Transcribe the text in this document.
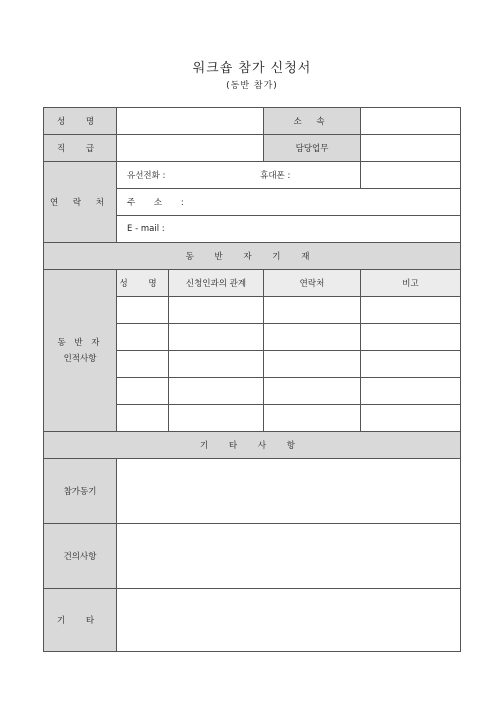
워크숍 참가 신청서
(동반 참가)
성 명			소 속	
직 급			담당업무	
연 락 처	유선전화 : 휴대폰 :			
	주 소 :			
	E - mail :			
동 반 자 기 재				

동 반 자
인적사항	성 명	신청인과의 관계	연락처	비고

기 타 사 항				
참가동기				
건의사항				
기 타				
